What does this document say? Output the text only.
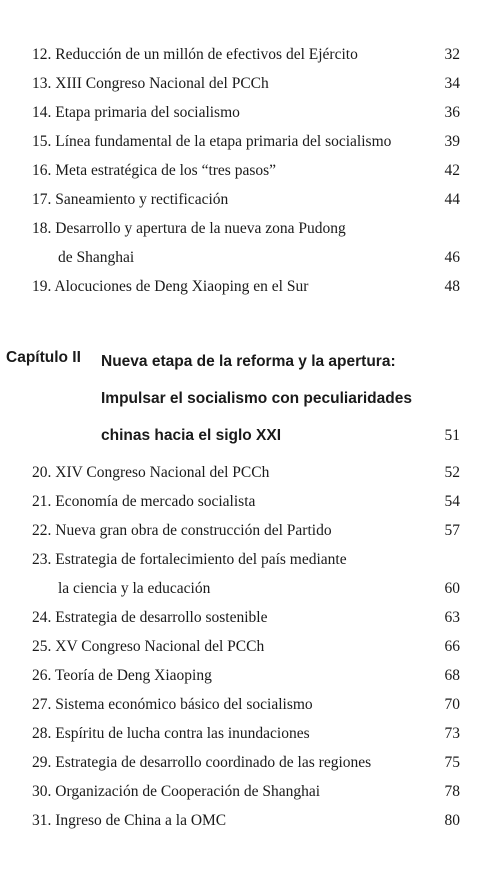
12. Reducción de un millón de efectivos del Ejército	32
13. XIII Congreso Nacional del PCCh	34
14. Etapa primaria del socialismo	36
15. Línea fundamental de la etapa primaria del socialismo	39
16. Meta estratégica de los “tres pasos”	42
17. Saneamiento y rectificación	44
18. Desarrollo y apertura de la nueva zona Pudong
de Shanghai	46
19. Alocuciones de Deng Xiaoping en el Sur	48
Capítulo II Nueva etapa de la reforma y la apertura:
Impulsar el socialismo con peculiaridades
chinas hacia el siglo XXI	51
20. XIV Congreso Nacional del PCCh	52
21. Economía de mercado socialista	54
22. Nueva gran obra de construcción del Partido	57
23. Estrategia de fortalecimiento del país mediante
la ciencia y la educación	60
24. Estrategia de desarrollo sostenible	63
25. XV Congreso Nacional del PCCh	66
26. Teoría de Deng Xiaoping	68
27. Sistema económico básico del socialismo	70
28. Espíritu de lucha contra las inundaciones	73
29. Estrategia de desarrollo coordinado de las regiones	75
30. Organización de Cooperación de Shanghai	78
31. Ingreso de China a la OMC	80
